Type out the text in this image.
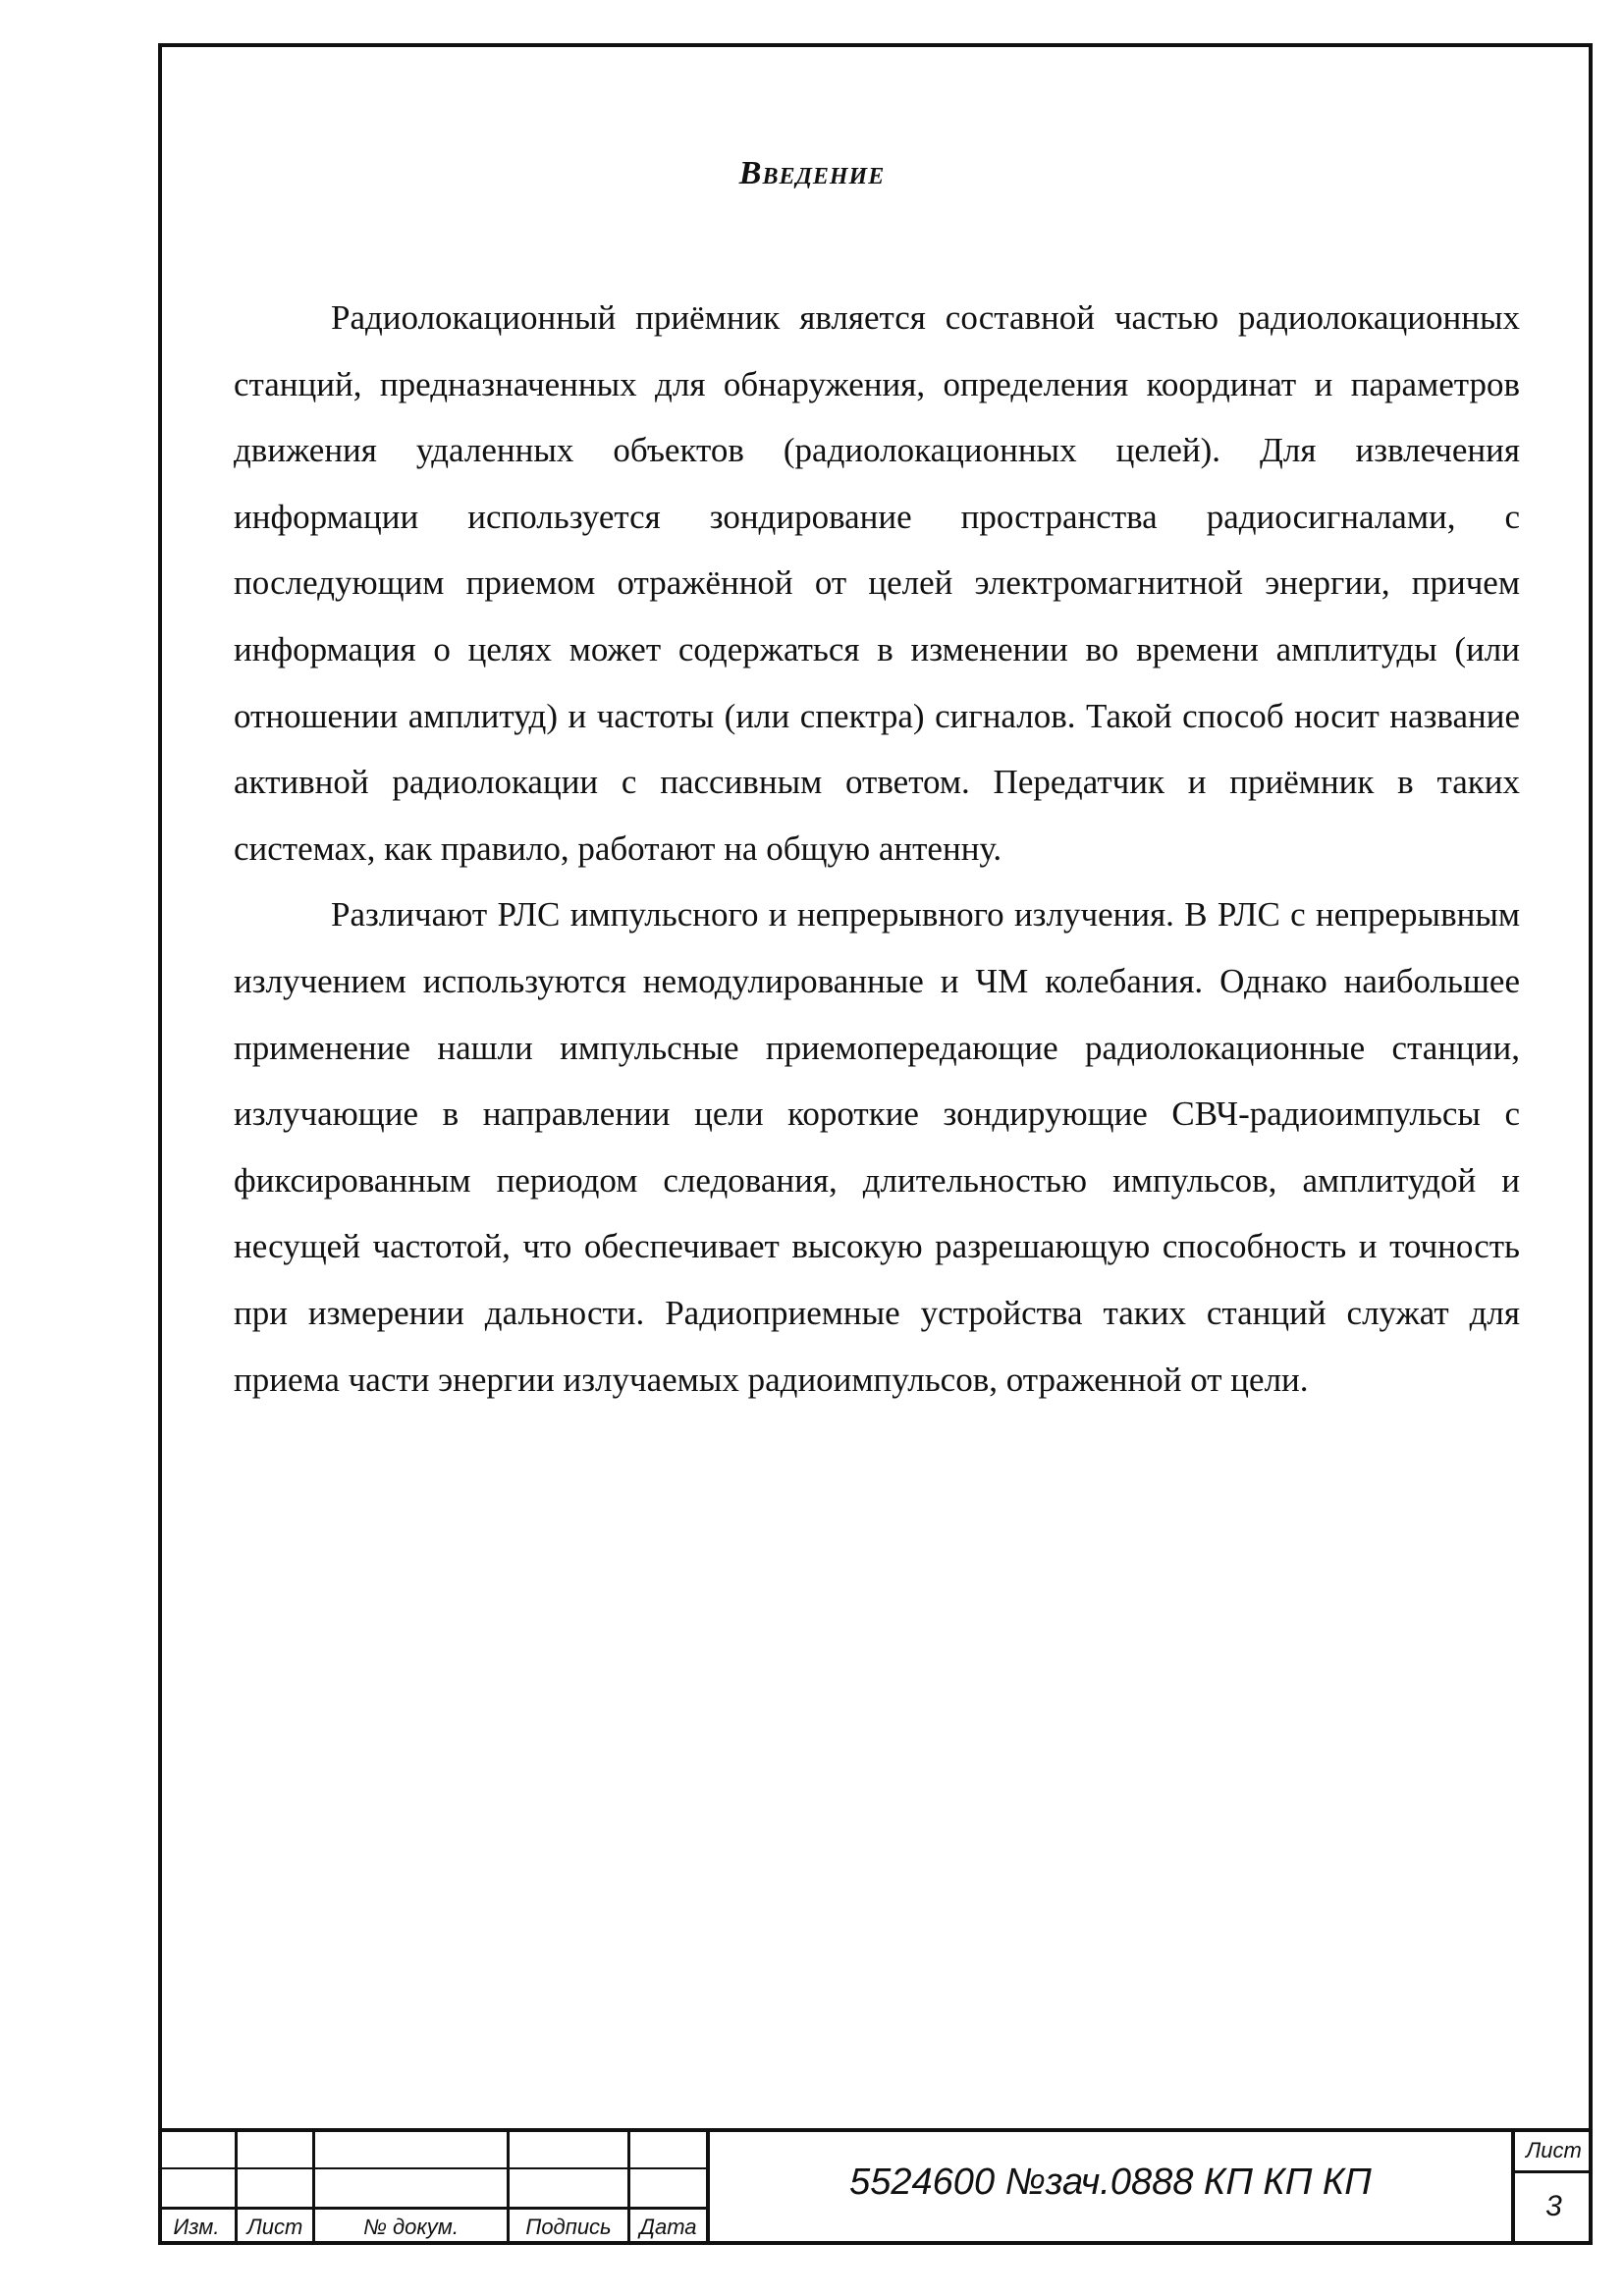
Введение

Радиолокационный приёмник является составной частью радиолокационных станций, предназначенных для обнаружения, определения координат и параметров движения удаленных объектов (радиолокационных целей). Для извлечения информации используется зондирование пространства радиосигналами, с последующим приемом отражённой от целей электромагнитной энергии, причем информация о целях может содержаться в изменении во времени амплитуды (или отношении амплитуд) и частоты (или спектра) сигналов. Такой способ носит название активной радиолокации с пассивным ответом. Передатчик и приёмник в таких системах, как правило, работают на общую антенну.

Различают РЛС импульсного и непрерывного излучения. В РЛС с непрерывным излучением используются немодулированные и ЧМ колебания. Однако наибольшее применение нашли импульсные приемопередающие радиолокационные станции, излучающие в направлении цели короткие зондирующие СВЧ-радиоимпульсы с фиксированным периодом следования, длительностью импульсов, амплитудой и несущей частотой, что обеспечивает высокую разрешающую способность и точность при измерении дальности. Радиоприемные устройства таких станций служат для приема части энергии излучаемых радиоимпульсов, отраженной от цели.

Изм.	Лист	№ докум.	Подпись	Дата
5524600 №зач.0888 КП КП КП
Лист
3
